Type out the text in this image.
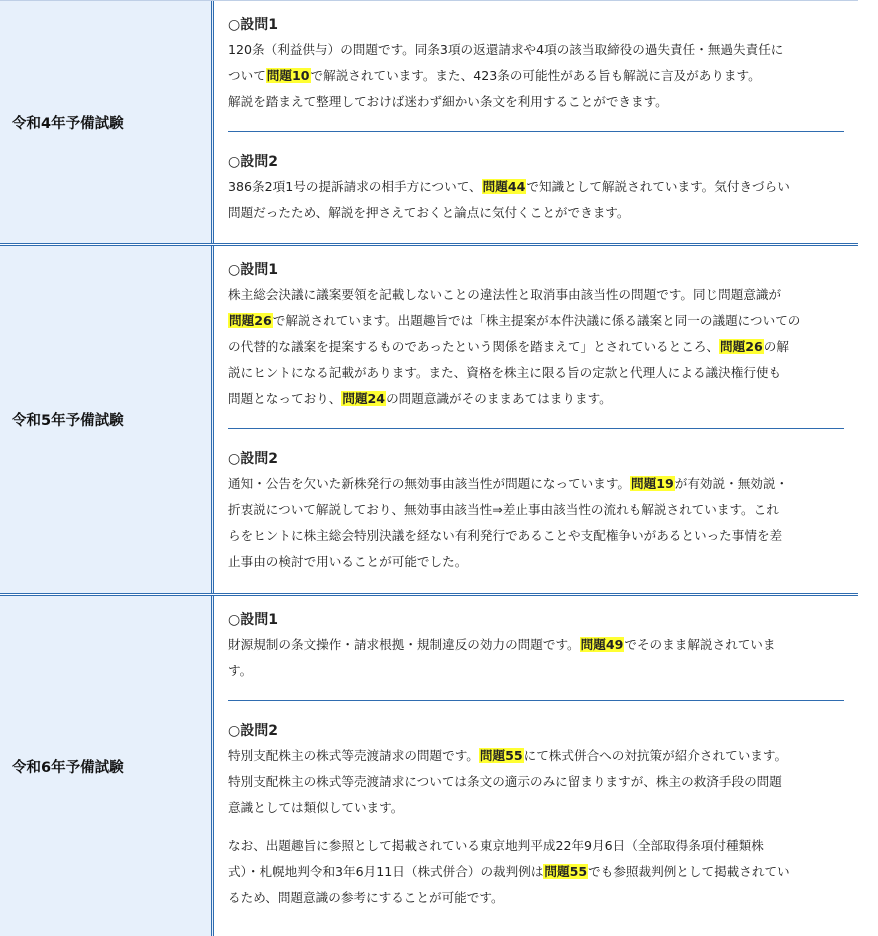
令和4年予備試験
○設問1

120条（利益供与）の問題です。同条3項の返還請求や4項の該当取締役の過失責任・無過失責任に
ついて問題10で解説されています。また、423条の可能性がある旨も解説に言及があります。
解説を踏まえて整理しておけば迷わず細かい条文を利用することができます。

○設問2

386条2項1号の提訴請求の相手方について、問題44で知識として解説されています。気付きづらい
問題だったため、解説を押さえておくと論点に気付くことができます。

令和5年予備試験
○設問1

株主総会決議に議案要領を記載しないことの違法性と取消事由該当性の問題です。同じ問題意識が
問題26で解説されています。出題趣旨では「株主提案が本件決議に係る議案と同一の議題についての
の代替的な議案を提案するものであったという関係を踏まえて」とされているところ、問題26の解
説にヒントになる記載があります。また、資格を株主に限る旨の定款と代理人による議決権行使も
問題となっており、問題24の問題意識がそのままあてはまります。

○設問2

通知・公告を欠いた新株発行の無効事由該当性が問題になっています。問題19が有効説・無効説・
折衷説について解説しており、無効事由該当性⇒差止事由該当性の流れも解説されています。これ
らをヒントに株主総会特別決議を経ない有利発行であることや支配権争いがあるといった事情を差
止事由の検討で用いることが可能でした。

令和6年予備試験
○設問1

財源規制の条文操作・請求根拠・規制違反の効力の問題です。問題49でそのまま解説されていま
す。

○設問2

特別支配株主の株式等売渡請求の問題です。問題55にて株式併合への対抗策が紹介されています。
特別支配株主の株式等売渡請求については条文の適示のみに留まりますが、株主の救済手段の問題
意識としては類似しています。

なお、出題趣旨に参照として掲載されている東京地判平成22年9月6日（全部取得条項付種類株
式）・札幌地判令和3年6月11日（株式併合）の裁判例は問題55でも参照裁判例として掲載されてい
るため、問題意識の参考にすることが可能です。
